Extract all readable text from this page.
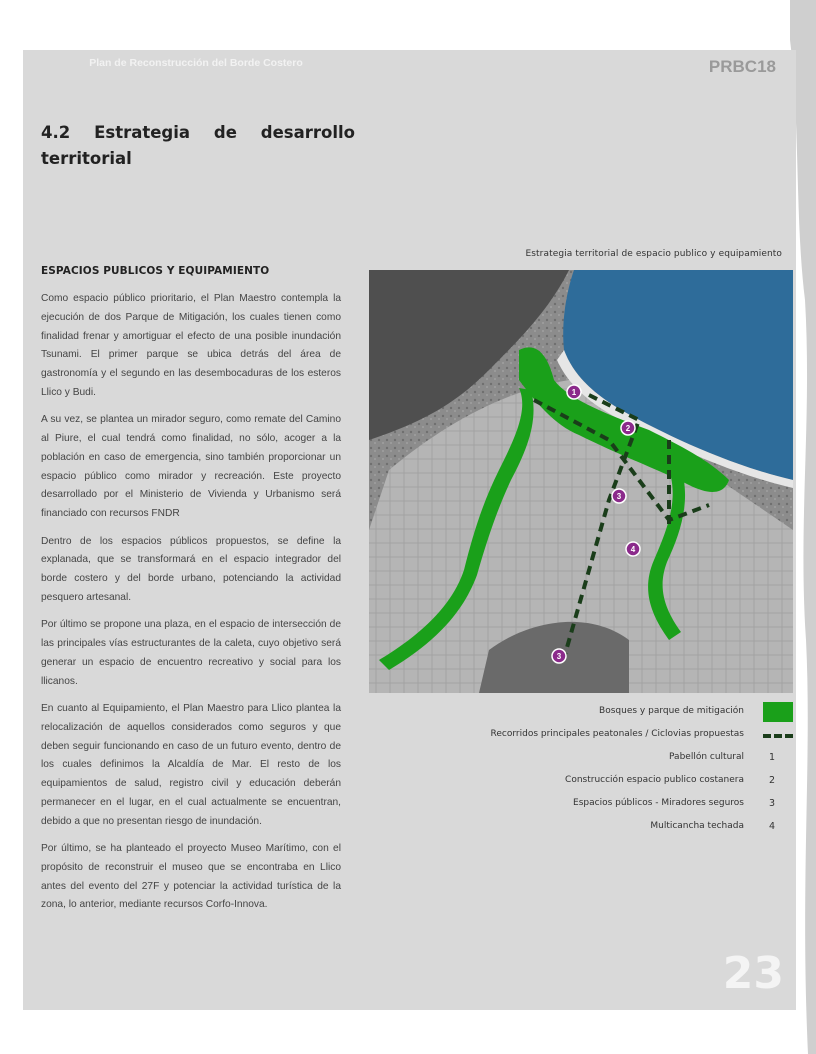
Plan de Reconstrucción del Borde Costero
4.2 Estrategia de desarrollo territorial
ESPACIOS PUBLICOS Y EQUIPAMIENTO

Como espacio público prioritario, el Plan Maestro contempla la ejecución de dos Parque de Mitigación, los cuales tienen como finalidad frenar y amortiguar el efecto de una posible inundación Tsunami. El primer parque se ubica detrás del área de gastronomía y el segundo en las desembocaduras de los esteros Llico y Budi.

A su vez, se plantea un mirador seguro, como remate del Camino al Piure, el cual tendrá como finalidad, no sólo, acoger a la población en caso de emergencia, sino también proporcionar un espacio público como mirador y recreación. Este proyecto desarrollado por el Ministerio de Vivienda y Urbanismo será financiado con recursos FNDR

Dentro de los espacios públicos propuestos, se define la explanada, que se transformará en el espacio integrador del borde costero y del borde urbano, potenciando la actividad pesquero artesanal.

Por último se propone una plaza, en el espacio de intersección de las principales vías estructurantes de la caleta, cuyo objetivo será generar un espacio de encuentro recreativo y social para los llicanos.

En cuanto al Equipamiento, el Plan Maestro para Llico plantea la relocalización de aquellos considerados como seguros y que deben seguir funcionando en caso de un futuro evento, dentro de los cuales definimos la Alcaldía de Mar. El resto de los equipamientos de salud, registro civil y educación deberán permanecer en el lugar, en el cual actualmente se encuentran, debido a que no presentan riesgo de inundación.

Por último, se ha planteado el proyecto Museo Marítimo, con el propósito de reconstruir el museo que se encontraba en Llico antes del evento del 27F y potenciar la actividad turística de la zona, lo anterior, mediante recursos Corfo-Innova.

PRBC18
Estrategia territorial de espacio publico y equipamiento
1
2
3
4
3
Bosques y parque de mitigación
Recorridos principales peatonales / Ciclovias propuestas
Pabellón cultural	1
Construcción espacio publico costanera	2
Espacios públicos - Miradores seguros	3
Multicancha techada	4
23
